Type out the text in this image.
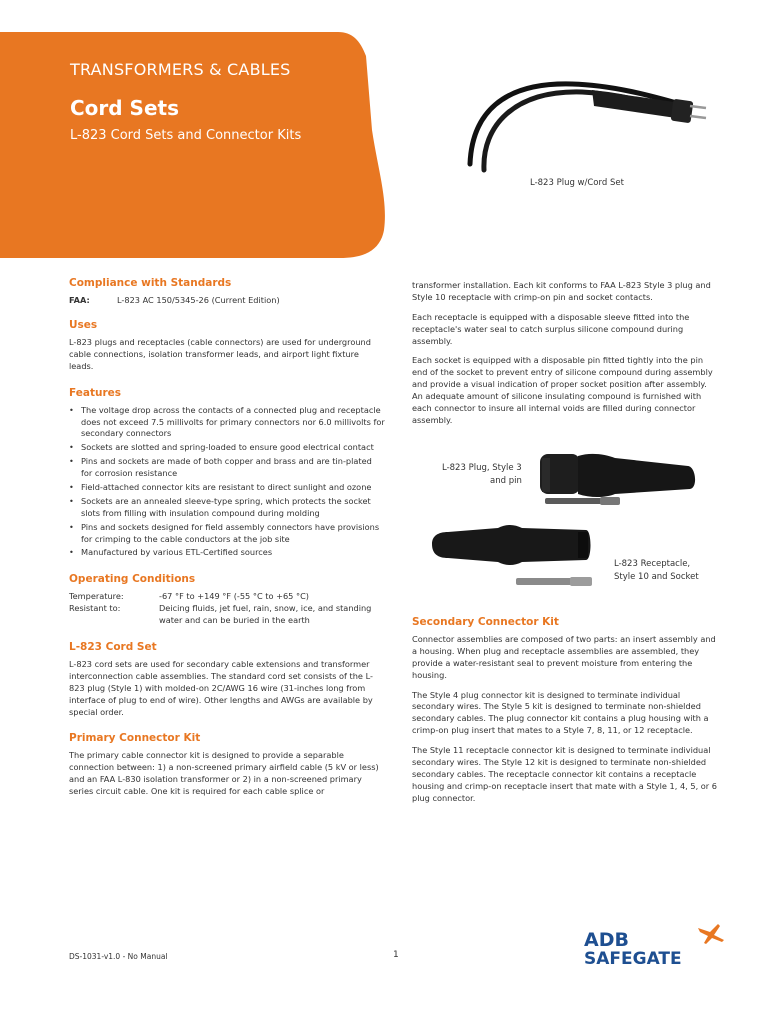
TRANSFORMERS & CABLES
Cord Sets
L-823 Cord Sets and Connector Kits
L-823 Plug w/Cord Set
Compliance with Standards
FAA:	L-823 AC 150/5345-26 (Current Edition)
Uses

L-823 plugs and receptacles (cable connectors) are used for underground cable connections, isolation transformer leads, and airport light fixture leads.

Features
• The voltage drop across the contacts of a connected plug and receptacle does not exceed 7.5 millivolts for primary connectors nor 6.0 millivolts for secondary connectors
• Sockets are slotted and spring-loaded to ensure good electrical contact
• Pins and sockets are made of both copper and brass and are tin-plated for corrosion resistance
• Field-attached connector kits are resistant to direct sunlight and ozone
• Sockets are an annealed sleeve-type spring, which protects the socket slots from filling with insulation compound during molding
• Pins and sockets designed for field assembly connectors have provisions for crimping to the cable conductors at the job site
• Manufactured by various ETL-Certified sources
Operating Conditions
Temperature:	-67 °F to +149 °F (-55 °C to +65 °C)
Resistant to:	Deicing fluids, jet fuel, rain, snow, ice, and standing water and can be buried in the earth
L-823 Cord Set

L-823 cord sets are used for secondary cable extensions and transformer interconnection cable assemblies. The standard cord set consists of the L-823 plug (Style 1) with molded-on 2C/AWG 16 wire (31-inches long from interface of plug to end of wire). Other lengths and AWGs are available by special order.

Primary Connector Kit

The primary cable connector kit is designed to provide a separable connection between: 1) a non-screened primary airfield cable (5 kV or less) and an FAA L-830 isolation transformer or 2) in a non-screened primary series circuit cable. One kit is required for each cable splice or

transformer installation. Each kit conforms to FAA L-823 Style 3 plug and Style 10 receptacle with crimp-on pin and socket contacts.

Each receptacle is equipped with a disposable sleeve fitted into the receptacle's water seal to catch surplus silicone compound during assembly.

Each socket is equipped with a disposable pin fitted tightly into the pin end of the socket to prevent entry of silicone compound during assembly and provide a visual indication of proper socket position after assembly. An adequate amount of silicone insulating compound is furnished with each connector to insure all internal voids are filled during connector assembly.

L-823 Plug, Style 3
and pin
L-823 Receptacle,
Style 10 and Socket
Secondary Connector Kit

Connector assemblies are composed of two parts: an insert assembly and a housing. When plug and receptacle assemblies are assembled, they provide a water-resistant seal to prevent moisture from entering the housing.

The Style 4 plug connector kit is designed to terminate individual secondary wires. The Style 5 kit is designed to terminate non-shielded secondary cables. The plug connector kit contains a plug housing with a crimp-on plug insert that mates to a Style 7, 8, 11, or 12 receptacle.

The Style 11 receptacle connector kit is designed to terminate individual secondary wires. The Style 12 kit is designed to terminate non-shielded secondary cables. The receptacle connector kit contains a receptacle housing and crimp-on receptacle insert that mate with a Style 1, 4, 5, or 6 plug connector.

DS-1031-v1.0 - No Manual	1
ADB
SAFEGATE
